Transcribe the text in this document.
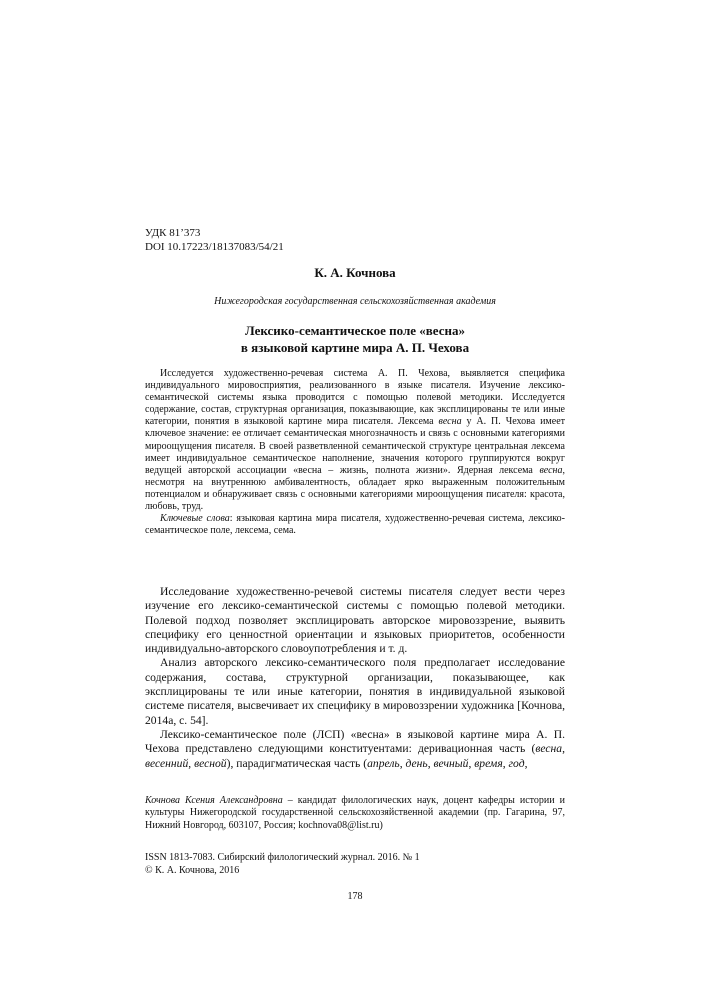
УДК 81’373
DOI 10.17223/18137083/54/21
К. А. Кочнова
Нижегородская государственная сельскохозяйственная академия
Лексико-семантическое поле «весна»
в языковой картине мира А. П. Чехова

Исследуется художественно-речевая система А. П. Чехова, выявляется специфика индивидуального мировосприятия, реализованного в языке писателя. Изучение лексико-семантической системы языка проводится с помощью полевой методики. Исследуется содержание, состав, структурная организация, показывающие, как эксплицированы те или иные категории, понятия в языковой картине мира писателя. Лексема весна у А. П. Чехова имеет ключевое значение: ее отличает семантическая многозначность и связь с основными категориями мироощущения писателя. В своей разветвленной семантической структуре центральная лексема имеет индивидуальное семантическое наполнение, значения которого группируются вокруг ведущей авторской ассоциации «весна – жизнь, полнота жизни». Ядерная лексема весна, несмотря на внутреннюю амбивалентность, обладает ярко выраженным положительным потенциалом и обнаруживает связь с основными категориями мироощущения писателя: красота, любовь, труд.

Ключевые слова: языковая картина мира писателя, художественно-речевая система, лексико-семантическое поле, лексема, сема.

Исследование художественно-речевой системы писателя следует вести через изучение его лексико-семантической системы с помощью полевой методики. Полевой подход позволяет эксплицировать авторское мировоззрение, выявить специфику его ценностной ориентации и языковых приоритетов, особенности индивидуально-авторского словоупотребления и т. д.

Анализ авторского лексико-семантического поля предполагает исследование содержания, состава, структурной организации, показывающее, как эксплицированы те или иные категории, понятия в индивидуальной языковой системе писателя, высвечивает их специфику в мировоззрении художника [Кочнова, 2014а, с. 54].

Лексико-семантическое поле (ЛСП) «весна» в языковой картине мира А. П. Чехова представлено следующими конституентами: деривационная часть (весна, весенний, весной), парадигматическая часть (апрель, день, вечный, время, год,

Кочнова Ксения Александровна – кандидат филологических наук, доцент кафедры истории и культуры Нижегородской государственной сельскохозяйственной академии (пр. Гагарина, 97, Нижний Новгород, 603107, Россия; kochnova08@list.ru)

ISSN 1813-7083. Сибирский филологический журнал. 2016. № 1
© К. А. Кочнова, 2016
178
